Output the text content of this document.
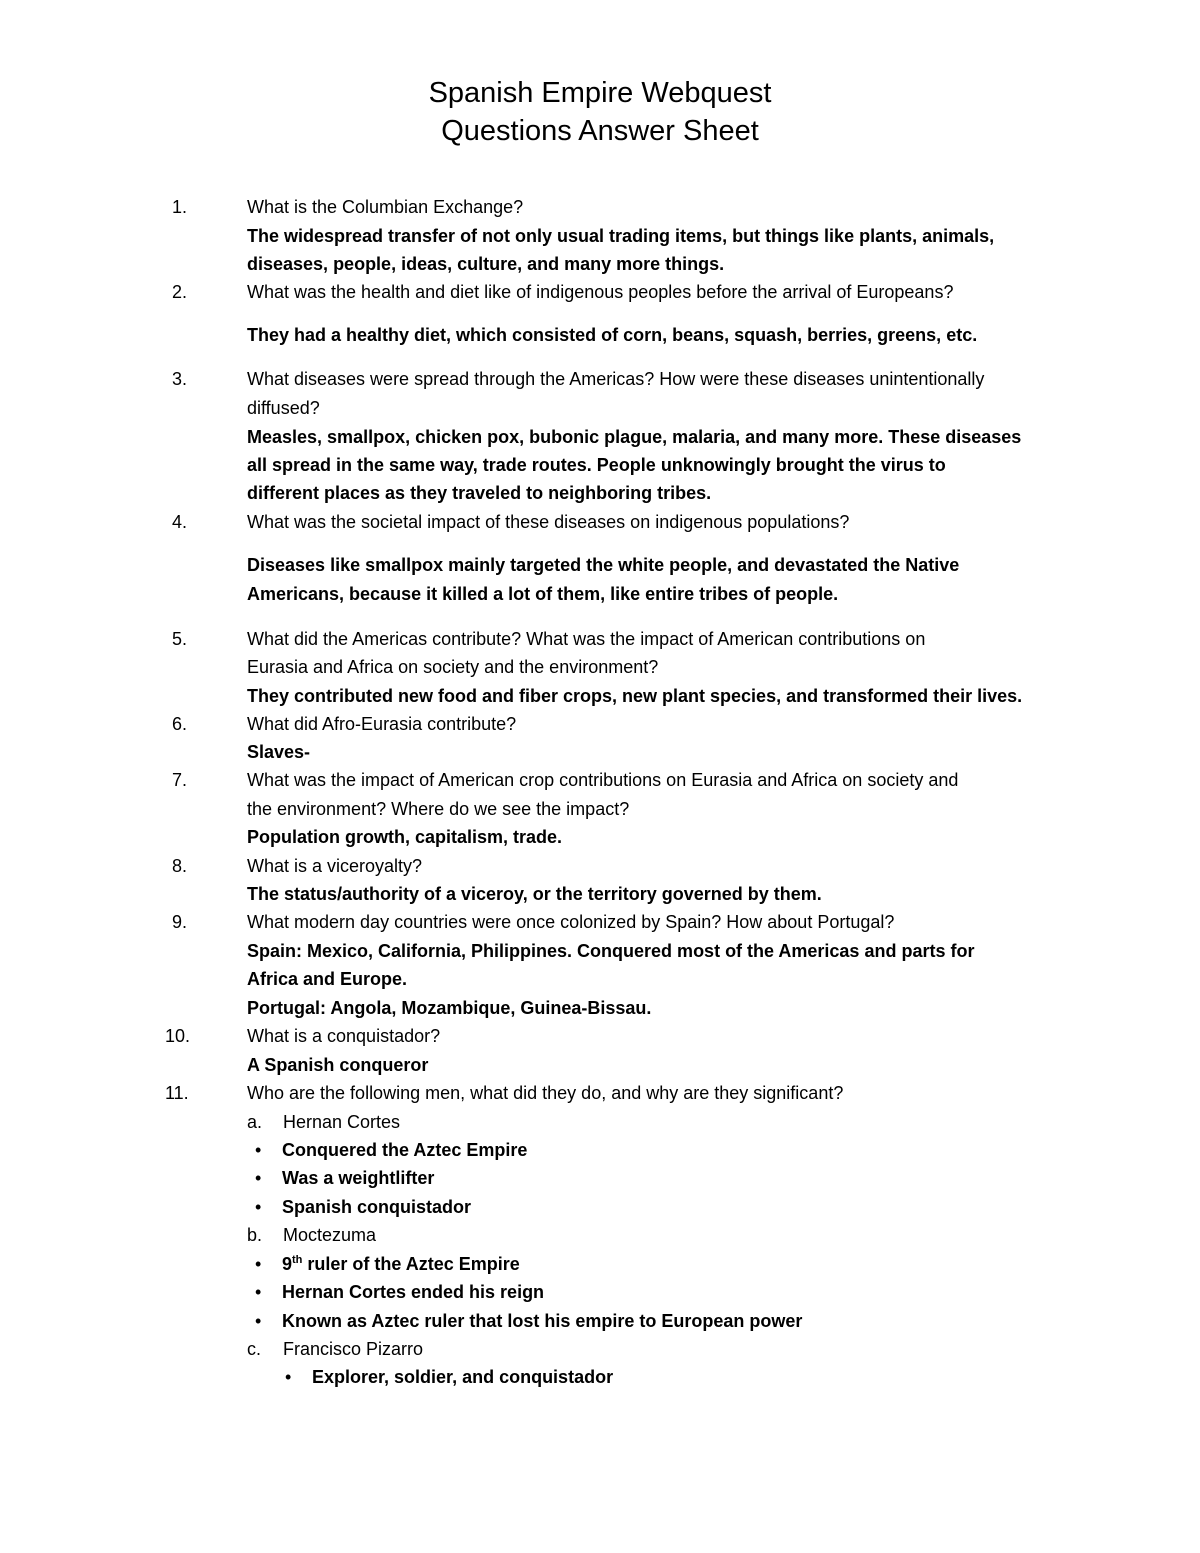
Spanish Empire Webquest
Questions Answer Sheet
1.	What is the Columbian Exchange?
The widespread transfer of not only usual trading items, but things like plants, animals,
diseases, people, ideas, culture, and many more things.
2.	What was the health and diet like of indigenous peoples before the arrival of Europeans?
They had a healthy diet, which consisted of corn, beans, squash, berries, greens, etc.
3.	What diseases were spread through the Americas? How were these diseases unintentionally
diffused?
Measles, smallpox, chicken pox, bubonic plague, malaria, and many more. These diseases
all spread in the same way, trade routes. People unknowingly brought the virus to
different places as they traveled to neighboring tribes.
4.	What was the societal impact of these diseases on indigenous populations?
Diseases like smallpox mainly targeted the white people, and devastated the Native
Americans, because it killed a lot of them, like entire tribes of people.
5.	What did the Americas contribute? What was the impact of American contributions on
Eurasia and Africa on society and the environment?
They contributed new food and fiber crops, new plant species, and transformed their lives.
6.	What did Afro-Eurasia contribute?
Slaves-
7.	What was the impact of American crop contributions on Eurasia and Africa on society and
the environment? Where do we see the impact?
Population growth, capitalism, trade.
8.	What is a viceroyalty?
The status/authority of a viceroy, or the territory governed by them.
9.	What modern day countries were once colonized by Spain? How about Portugal?
Spain: Mexico, California, Philippines. Conquered most of the Americas and parts for
Africa and Europe.
Portugal: Angola, Mozambique, Guinea-Bissau.
10.	What is a conquistador?
A Spanish conqueror
11.	Who are the following men, what did they do, and why are they significant?
a. Hernan Cortes
• Conquered the Aztec Empire
• Was a weightlifter
• Spanish conquistador
b. Moctezuma
• 9th ruler of the Aztec Empire
• Hernan Cortes ended his reign
• Known as Aztec ruler that lost his empire to European power
c. Francisco Pizarro
• Explorer, soldier, and conquistador
